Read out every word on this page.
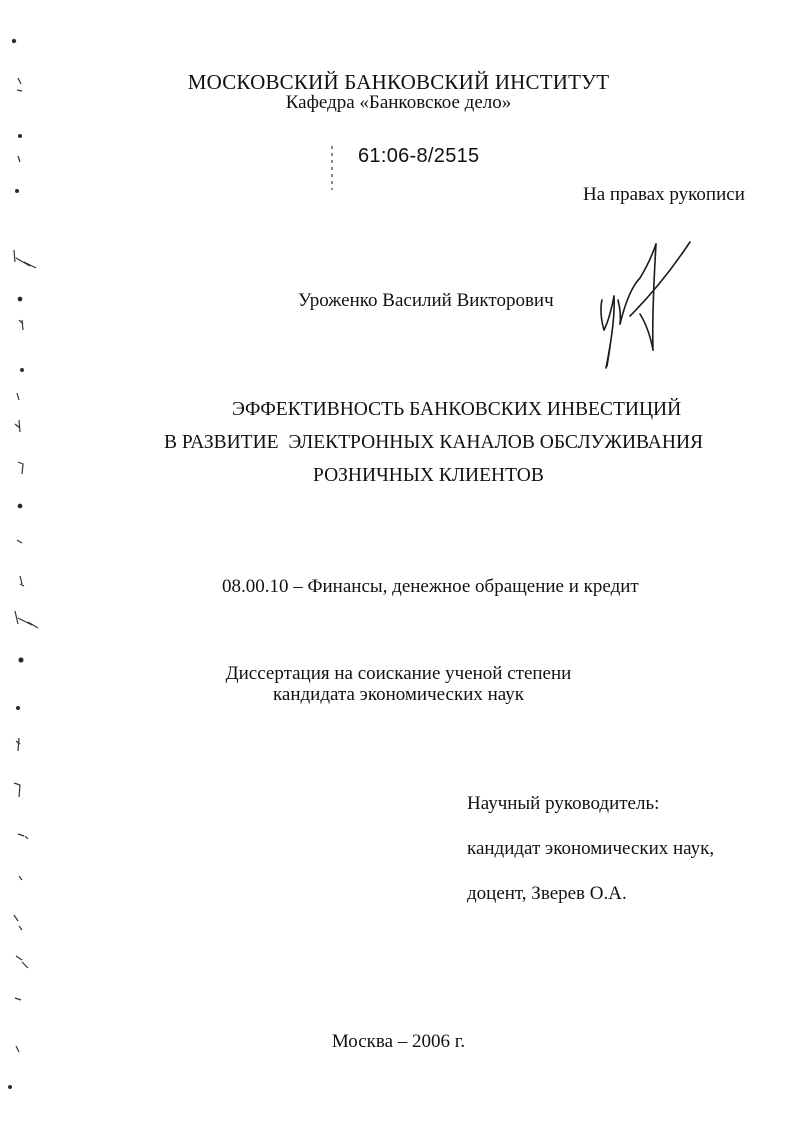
МОСКОВСКИЙ БАНКОВСКИЙ ИНСТИТУТ
Кафедра «Банковское дело»
61:06-8/2515
На правах рукописи
Уроженко Василий Викторович
ЭФФЕКТИВНОСТЬ БАНКОВСКИХ ИНВЕСТИЦИЙ
В РАЗВИТИЕ  ЭЛЕКТРОННЫХ КАНАЛОВ ОБСЛУЖИВАНИЯ
РОЗНИЧНЫХ КЛИЕНТОВ
08.00.10 – Финансы, денежное обращение и кредит
Диссертация на соискание ученой степени
кандидата экономических наук
Научный руководитель:
кандидат экономических наук,
доцент, Зверев О.А.
Москва – 2006 г.
